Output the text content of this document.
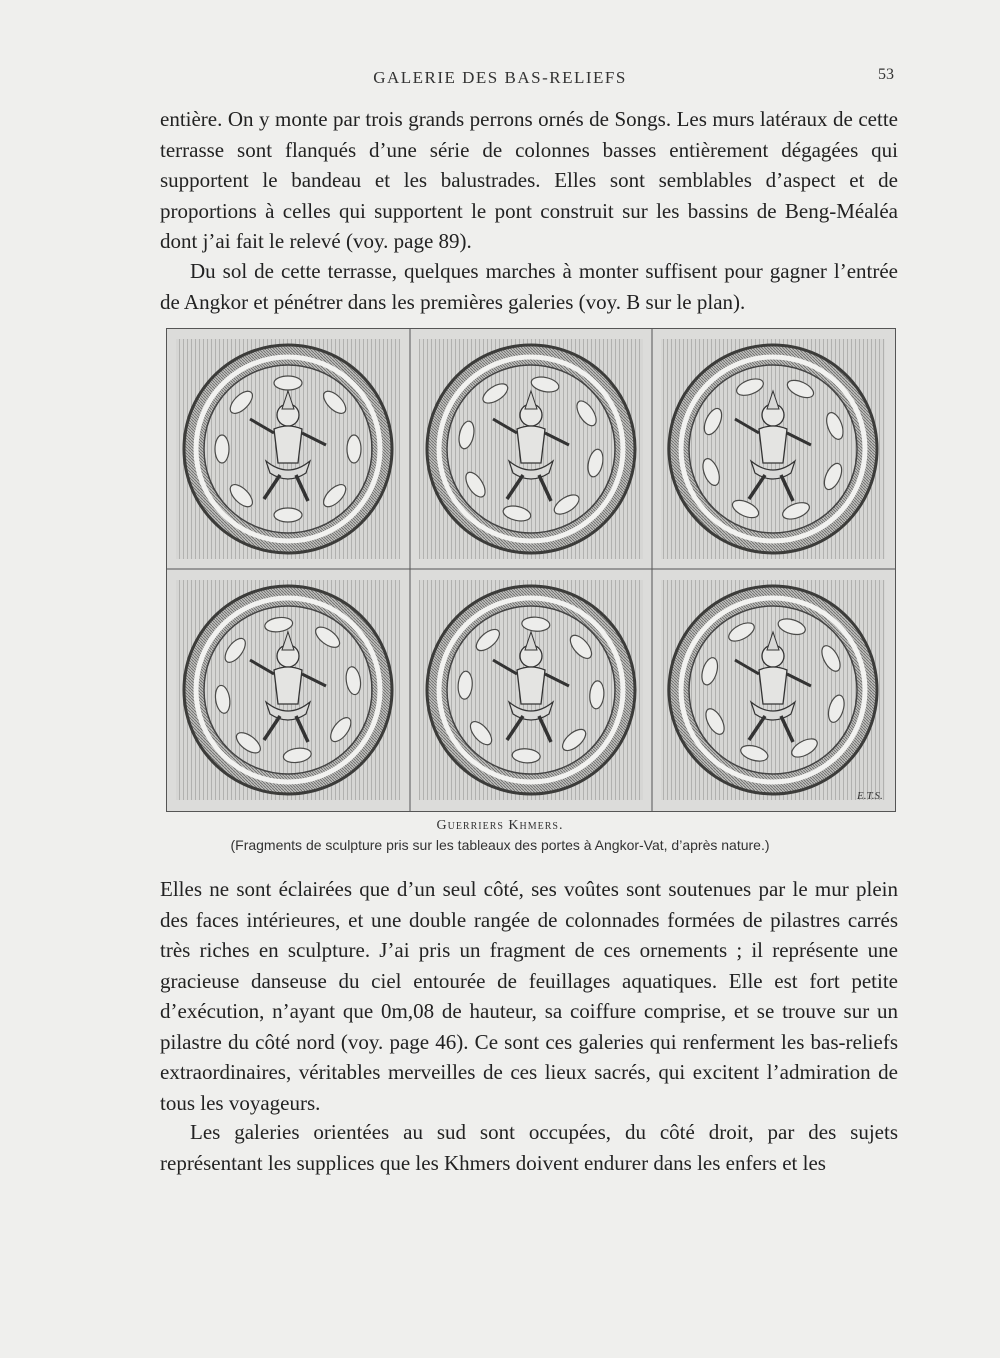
GALERIE DES BAS-RELIEFS	53

entière. On y monte par trois grands perrons ornés de Songs. Les murs latéraux de cette terrasse sont flanqués d’une série de colonnes basses entièrement dégagées qui supportent le bandeau et les balustrades. Elles sont semblables d’aspect et de proportions à celles qui supportent le pont construit sur les bassins de Beng-Méaléa dont j’ai fait le relevé (voy. page 89).

Du sol de cette terrasse, quelques marches à monter suffisent pour gagner l’entrée de Angkor et pénétrer dans les premières galeries (voy. B sur le plan).

E.T.S.
Guerriers Khmers.
(Fragments de sculpture pris sur les tableaux des portes à Angkor-Vat, d’après nature.)

Elles ne sont éclairées que d’un seul côté, ses voûtes sont soutenues par le mur plein des faces intérieures, et une double rangée de colonnades formées de pilastres carrés très riches en sculpture. J’ai pris un fragment de ces ornements ; il représente une gracieuse danseuse du ciel entourée de feuillages aquatiques. Elle est fort petite d’exécution, n’ayant que 0m,08 de hauteur, sa coiffure comprise, et se trouve sur un pilastre du côté nord (voy. page 46). Ce sont ces galeries qui renferment les bas-reliefs extraordinaires, véritables merveilles de ces lieux sacrés, qui excitent l’admiration de tous les voyageurs.

Les galeries orientées au sud sont occupées, du côté droit, par des sujets représentant les supplices que les Khmers doivent endurer dans les enfers et les
